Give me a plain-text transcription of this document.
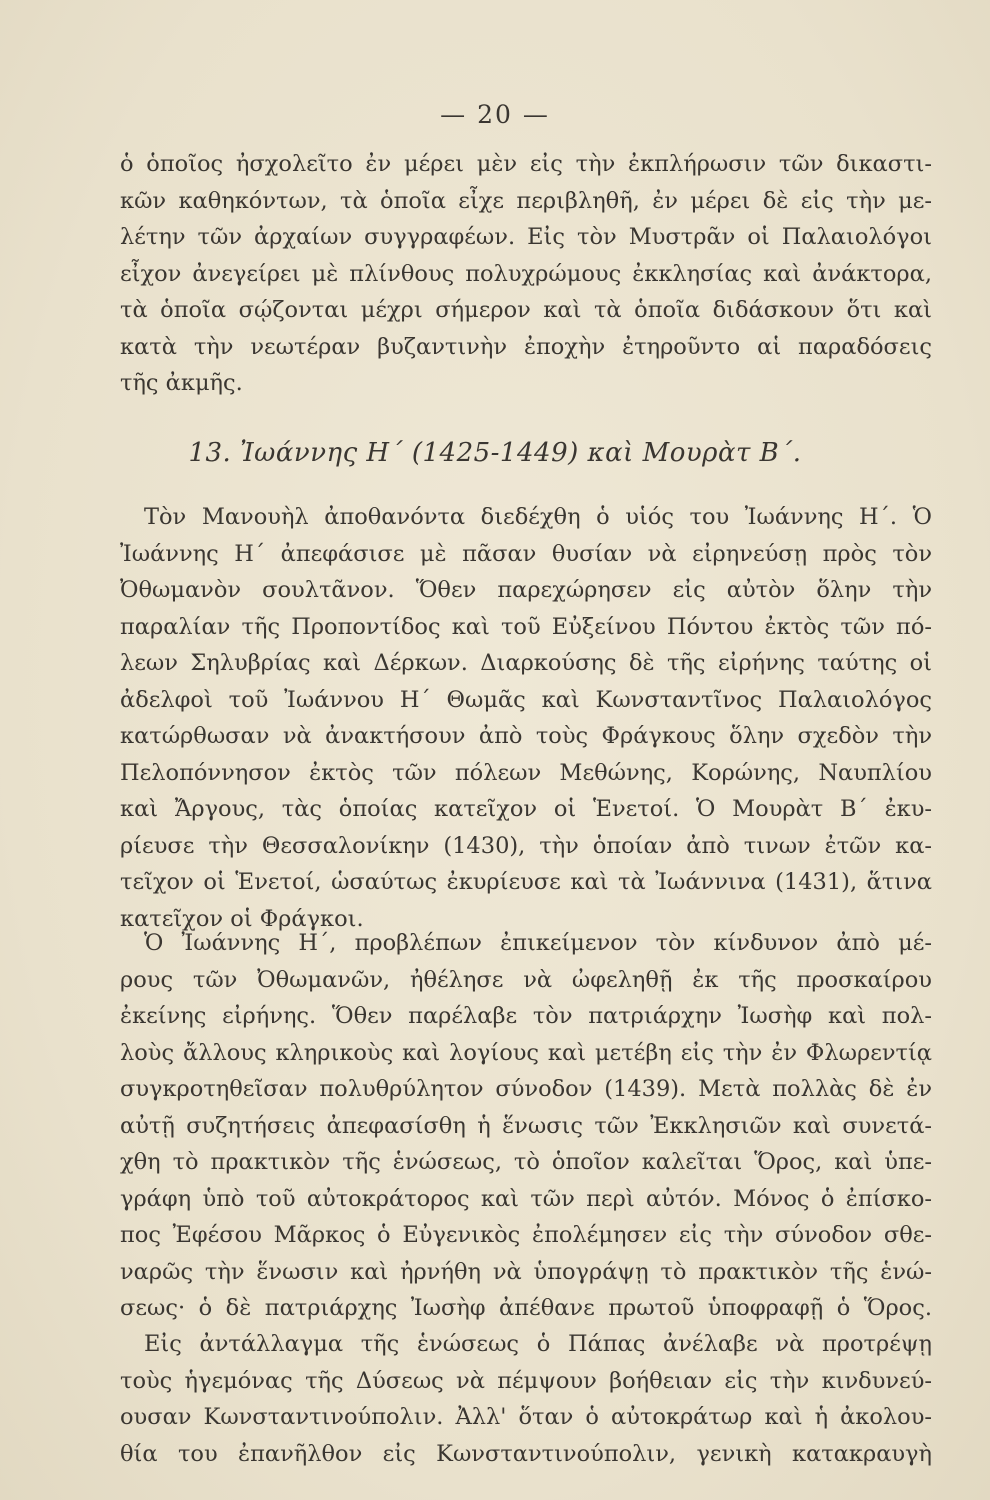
— 20 —
ὁ ὁποῖος ἠσχολεῖτο ἐν μέρει μὲν εἰς τὴν ἐκπλήρωσιν τῶν δικαστι-
κῶν καθηκόντων, τὰ ὁποῖα εἶχε περιβληθῆ, ἐν μέρει δὲ εἰς τὴν με-
λέτην τῶν ἀρχαίων συγγραφέων. Εἰς τὸν Μυστρᾶν οἱ Παλαιολόγοι
εἶχον ἀνεγείρει μὲ πλίνθους πολυχρώμους ἐκκλησίας καὶ ἀνάκτορα,
τὰ ὁποῖα σῴζονται μέχρι σήμερον καὶ τὰ ὁποῖα διδάσκουν ὅτι καὶ
κατὰ τὴν νεωτέραν βυζαντινὴν ἐποχὴν ἐτηροῦντο αἱ παραδόσεις
τῆς ἀκμῆς.
13. Ἰωάννης Η΄ (1425-1449) καὶ Μουρὰτ Β΄.
Τὸν Μανουὴλ ἀποθανόντα διεδέχθη ὁ υἱός του Ἰωάννης Η΄. Ὁ
Ἰωάννης Η΄ ἀπεφάσισε μὲ πᾶσαν θυσίαν νὰ εἰρηνεύσῃ πρὸς τὸν
Ὀθωμανὸν σουλτᾶνον. Ὅθεν παρεχώρησεν εἰς αὐτὸν ὅλην τὴν
παραλίαν τῆς Προποντίδος καὶ τοῦ Εὐξείνου Πόντου ἐκτὸς τῶν πό-
λεων Σηλυβρίας καὶ Δέρκων. Διαρκούσης δὲ τῆς εἰρήνης ταύτης οἱ
ἀδελφοὶ τοῦ Ἰωάννου Η΄ Θωμᾶς καὶ Κωνσταντῖνος Παλαιολόγος
κατώρθωσαν νὰ ἀνακτήσουν ἀπὸ τοὺς Φράγκους ὅλην σχεδὸν τὴν
Πελοπόννησον ἐκτὸς τῶν πόλεων Μεθώνης, Κορώνης, Ναυπλίου
καὶ Ἄργους, τὰς ὁποίας κατεῖχον οἱ Ἑνετοί. Ὁ Μουρὰτ Β΄ ἐκυ-
ρίευσε τὴν Θεσσαλονίκην (1430), τὴν ὁποίαν ἀπὸ τινων ἐτῶν κα-
τεῖχον οἱ Ἑνετοί, ὡσαύτως ἐκυρίευσε καὶ τὰ Ἰωάννινα (1431), ἅτινα
κατεῖχον οἱ Φράγκοι.
Ὁ Ἰωάννης Η΄, προβλέπων ἐπικείμενον τὸν κίνδυνον ἀπὸ μέ-
ρους τῶν Ὀθωμανῶν, ἠθέλησε νὰ ὠφεληθῇ ἐκ τῆς προσκαίρου
ἐκείνης εἰρήνης. Ὅθεν παρέλαβε τὸν πατριάρχην Ἰωσὴφ καὶ πολ-
λοὺς ἄλλους κληρικοὺς καὶ λογίους καὶ μετέβη εἰς τὴν ἐν Φλωρεντίᾳ
συγκροτηθεῖσαν πολυθρύλητον σύνοδον (1439). Μετὰ πολλὰς δὲ ἐν
αὐτῇ συζητήσεις ἀπεφασίσθη ἡ ἕνωσις τῶν Ἐκκλησιῶν καὶ συνετά-
χθη τὸ πρακτικὸν τῆς ἑνώσεως, τὸ ὁποῖον καλεῖται Ὅρος, καὶ ὑπε-
γράφη ὑπὸ τοῦ αὐτοκράτορος καὶ τῶν περὶ αὐτόν. Μόνος ὁ ἐπίσκο-
πος Ἐφέσου Μᾶρκος ὁ Εὐγενικὸς ἐπολέμησεν εἰς τὴν σύνοδον σθε-
ναρῶς τὴν ἕνωσιν καὶ ἠρνήθη νὰ ὑπογράψῃ τὸ πρακτικὸν τῆς ἑνώ-
σεως· ὁ δὲ πατριάρχης Ἰωσὴφ ἀπέθανε πρωτοῦ ὑποφραφῇ ὁ Ὅρος.
Εἰς ἀντάλλαγμα τῆς ἑνώσεως ὁ Πάπας ἀνέλαβε νὰ προτρέψῃ
τοὺς ἡγεμόνας τῆς Δύσεως νὰ πέμψουν βοήθειαν εἰς τὴν κινδυνεύ-
ουσαν Κωνσταντινούπολιν. Ἀλλ' ὅταν ὁ αὐτοκράτωρ καὶ ἡ ἀκολου-
θία του ἐπανῆλθον εἰς Κωνσταντινούπολιν, γενικὴ κατακραυγὴ
